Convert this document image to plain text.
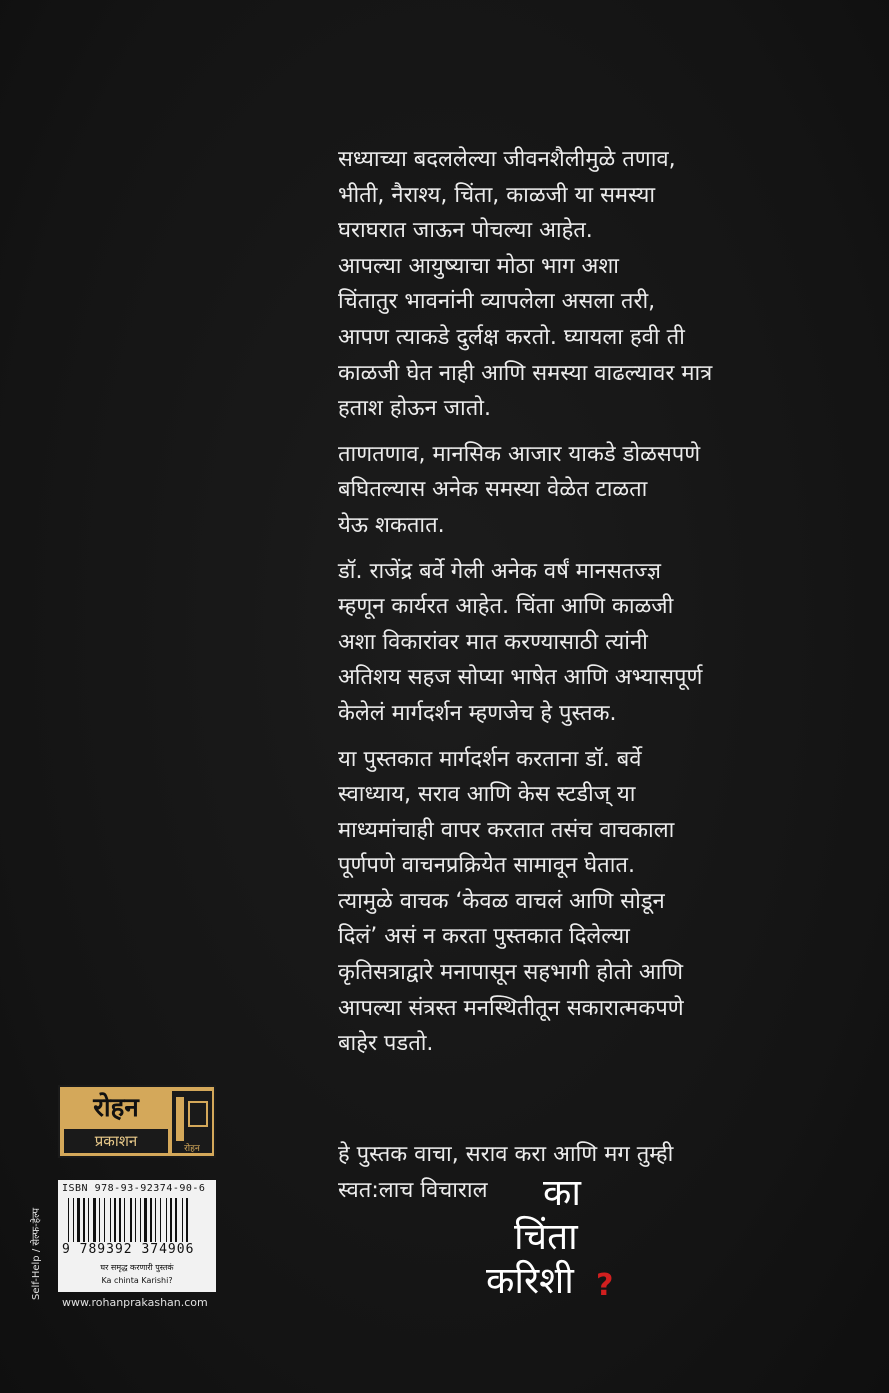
सध्याच्या बदललेल्या जीवनशैलीमुळे तणाव,
भीती, नैराश्य, चिंता, काळजी या समस्या
घराघरात जाऊन पोचल्या आहेत.
आपल्या आयुष्याचा मोठा भाग अशा
चिंतातुर भावनांनी व्यापलेला असला तरी,
आपण त्याकडे दुर्लक्ष करतो. घ्यायला हवी ती
काळजी घेत नाही आणि समस्या वाढल्यावर मात्र
हताश होऊन जातो.
ताणतणाव, मानसिक आजार याकडे डोळसपणे
बघितल्यास अनेक समस्या वेळेत टाळता
येऊ शकतात.
डॉ. राजेंद्र बर्वे गेली अनेक वर्षं मानसतज्ज्ञ
म्हणून कार्यरत आहेत. चिंता आणि काळजी
अशा विकारांवर मात करण्यासाठी त्यांनी
अतिशय सहज सोप्या भाषेत आणि अभ्यासपूर्ण
केलेलं मार्गदर्शन म्हणजेच हे पुस्तक.
या पुस्तकात मार्गदर्शन करताना डॉ. बर्वे
स्वाध्याय, सराव आणि केस स्टडीज् या
माध्यमांचाही वापर करतात तसंच वाचकाला
पूर्णपणे वाचनप्रक्रियेत सामावून घेतात.
त्यामुळे वाचक ‘केवळ वाचलं आणि सोडून
दिलं’ असं न करता पुस्तकात दिलेल्या
कृतिसत्राद्वारे मनापासून सहभागी होतो आणि
आपल्या संत्रस्त मनस्थितीतून सकारात्मकपणे
बाहेर पडतो.
हे पुस्तक वाचा, सराव करा आणि मग तुम्ही
स्वत:लाच विचाराल का
चिंता
करिशी ?
रोहन
प्रकाशन	रोहन
ISBN 978-93-92374-90-6
9 789392 374906
घर समृद्ध करणारी पुस्तकं
Ka chinta Karishi?
Self-Help / सेल्फ-हेल्प
www.rohanprakashan.com
